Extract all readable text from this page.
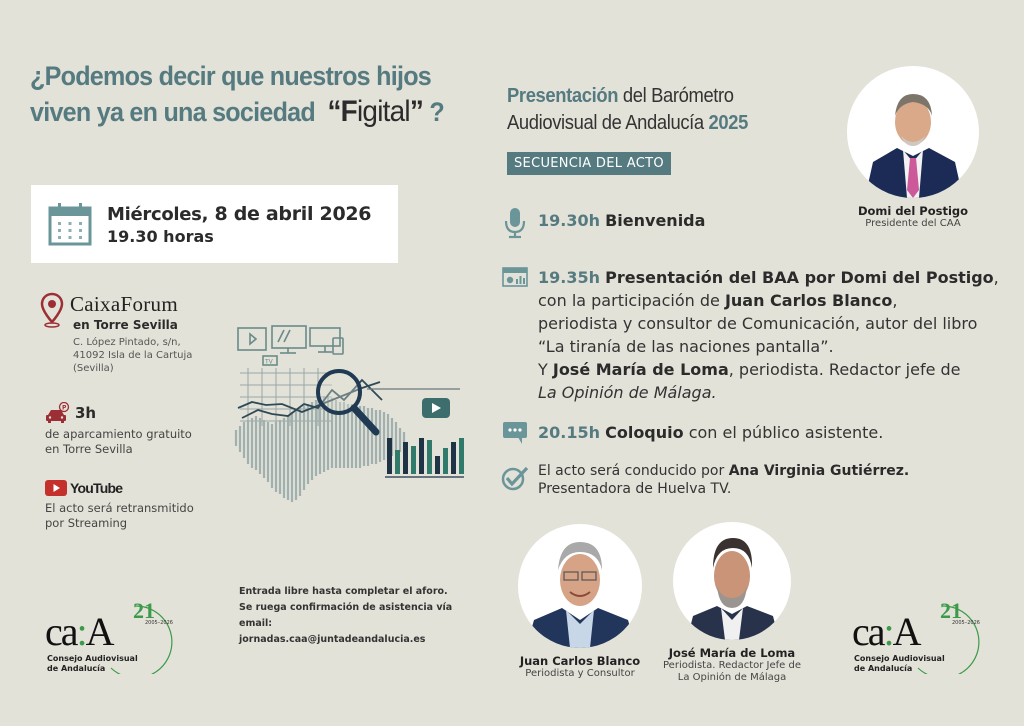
¿Podemos decir que nuestros hijos
viven ya en una sociedad “Figital” ?
Miércoles, 8 de abril 2026
19.30 horas
CaixaForum
en Torre Sevilla
C. López Pintado, s/n,
41092 Isla de la Cartuja
(Sevilla)
P 3h
de aparcamiento gratuito
en Torre Sevilla
YouTube
El acto será retransmitido
por Streaming
TV
Entrada libre hasta completar el aforo.
Se ruega confirmación de asistencia vía email:
jornadas.caa@juntadeandalucia.es
ca:A 21
2005–2026
Consejo Audiovisual
de Andalucía
ca:A 21
2005–2026
Consejo Audiovisual
de Andalucía
Presentación del Barómetro
Audiovisual de Andalucía 2025
SECUENCIA DEL ACTO
19.30h Bienvenida
19.35h Presentación del BAA por Domi del Postigo,
con la participación de Juan Carlos Blanco,
periodista y consultor de Comunicación, autor del libro
“La tiranía de las naciones pantalla”.
Y José María de Loma, periodista. Redactor jefe de
La Opinión de Málaga.
20.15h Coloquio con el público asistente.
El acto será conducido por Ana Virginia Gutiérrez.
Presentadora de Huelva TV.
Domi del Postigo
Presidente del CAA
Juan Carlos Blanco
Periodista y Consultor
José María de Loma
Periodista. Redactor Jefe de
La Opinión de Málaga
